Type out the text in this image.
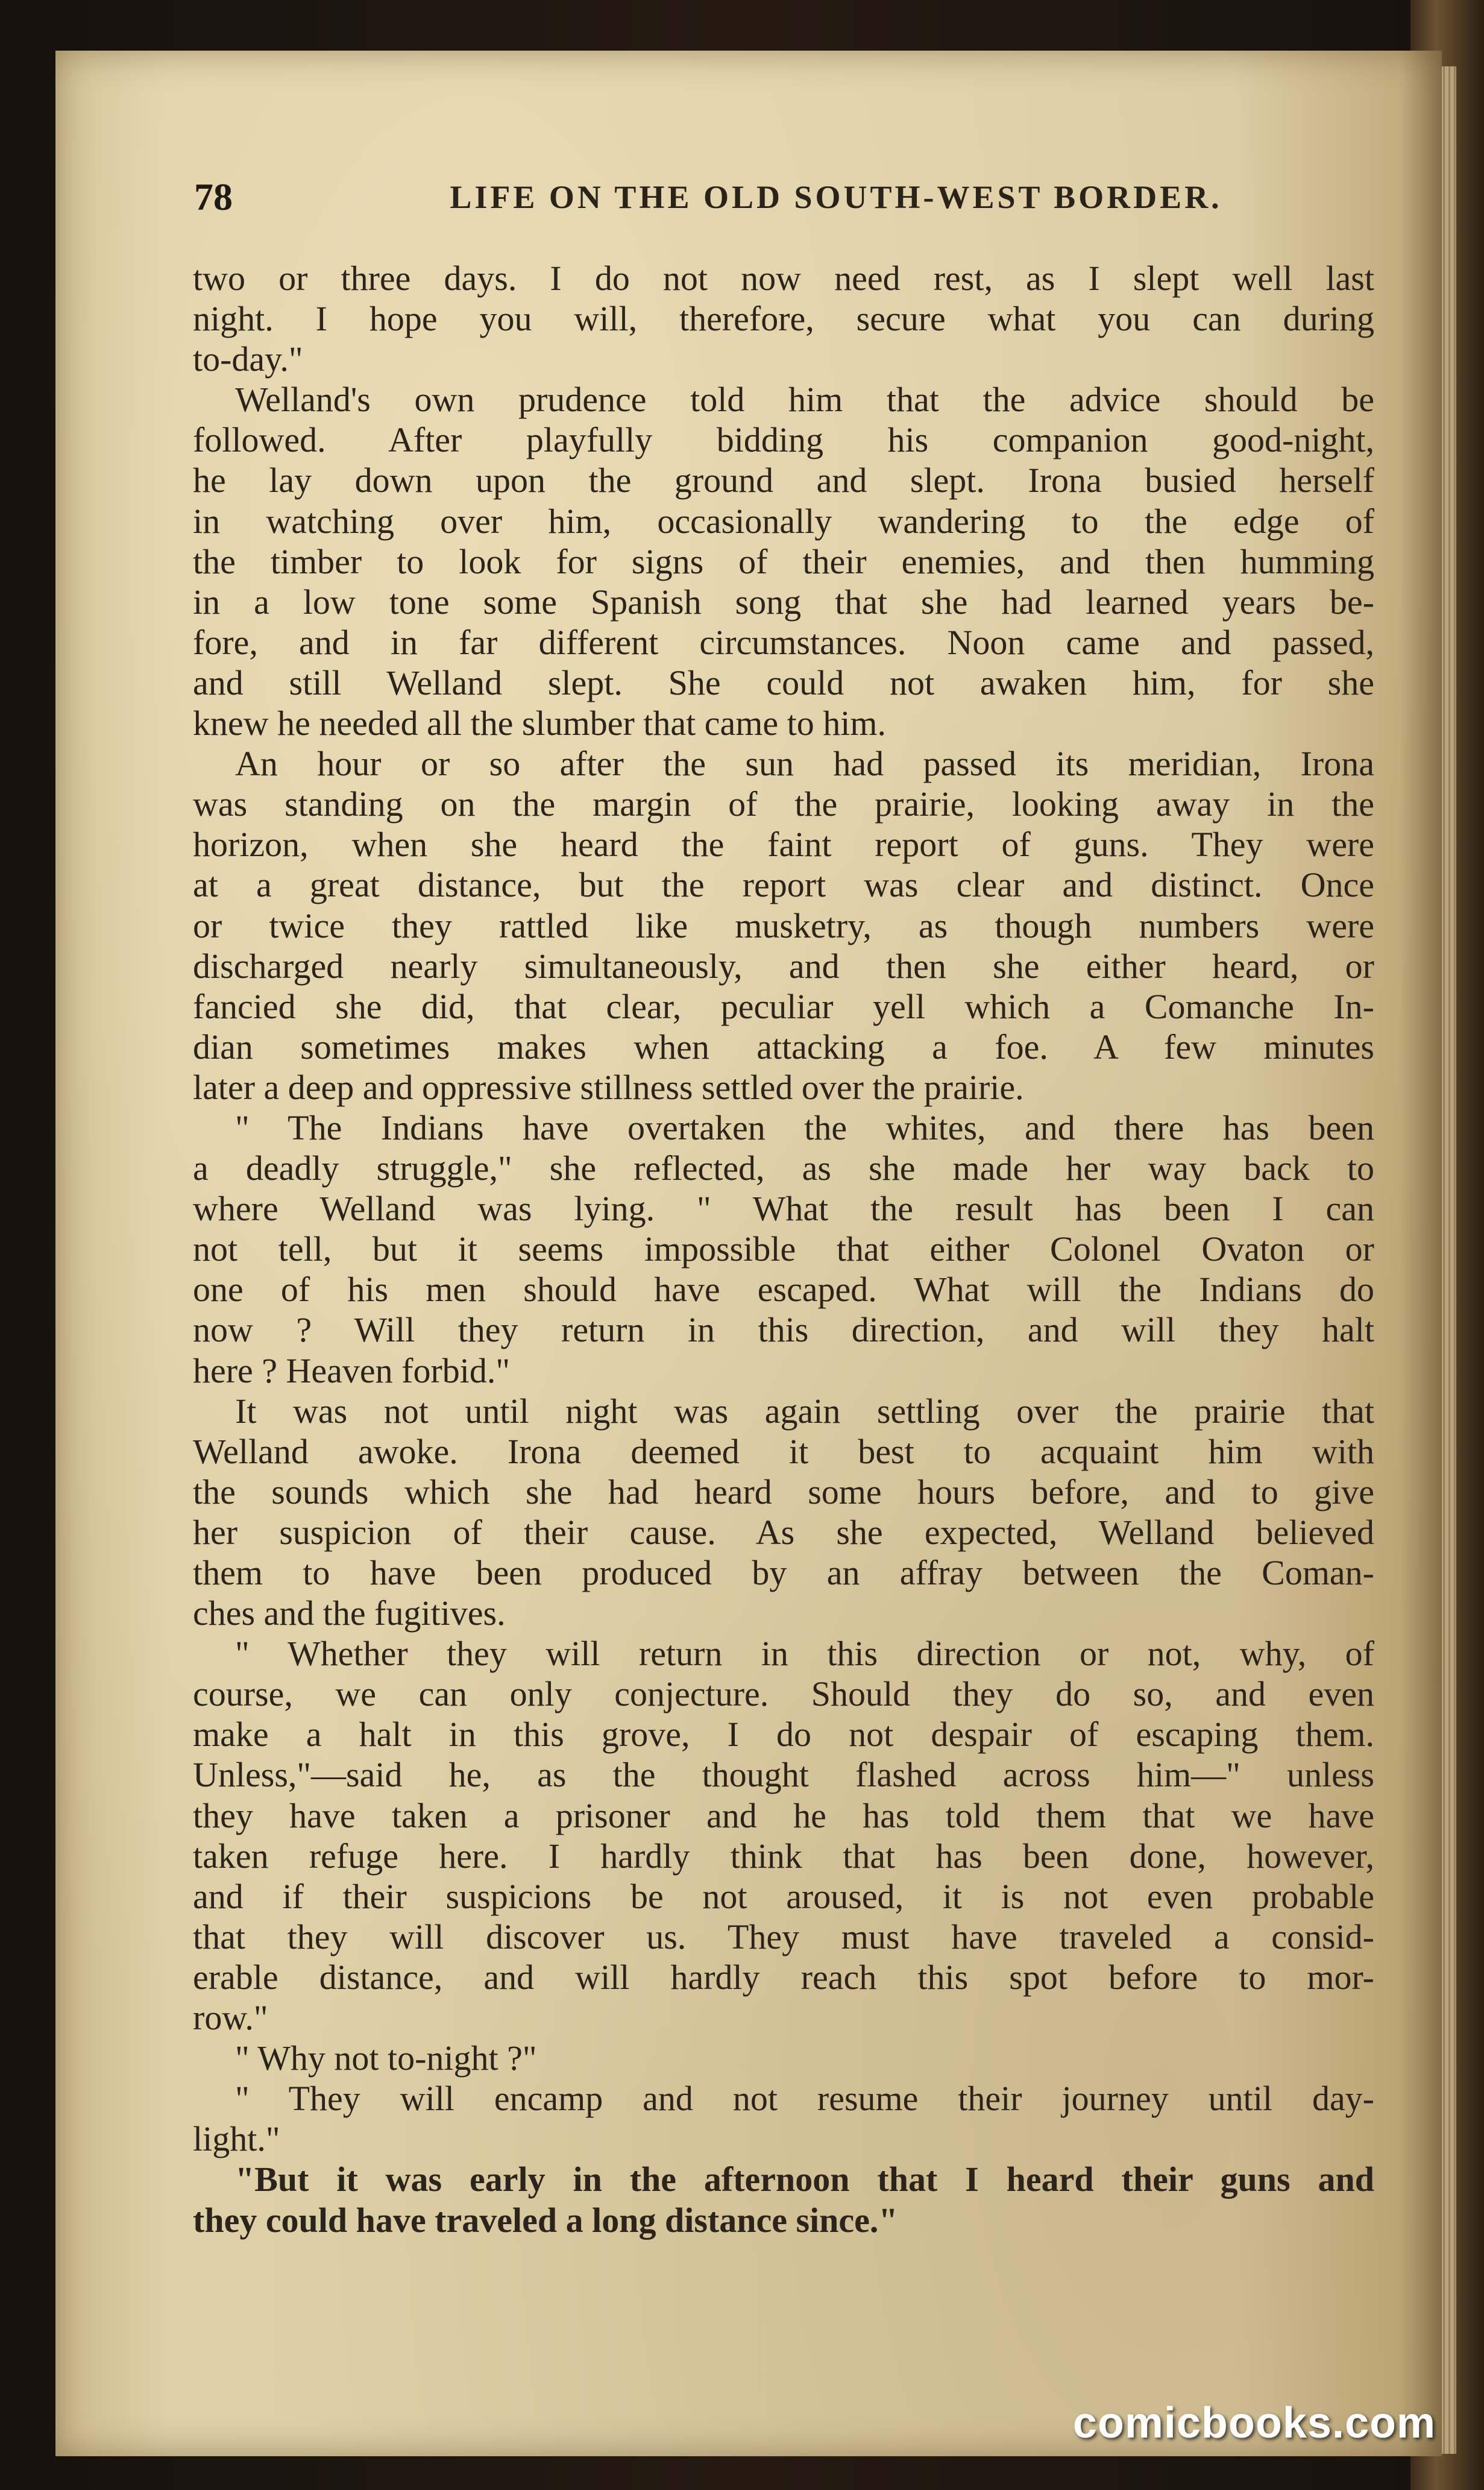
78	LIFE ON THE OLD SOUTH-WEST BORDER.
two or three days. I do not now need rest, as I slept well last
night. I hope you will, therefore, secure what you can during
to-day."
Welland's own prudence told him that the advice should be
followed. After playfully bidding his companion good-night,
he lay down upon the ground and slept. Irona busied herself
in watching over him, occasionally wandering to the edge of
the timber to look for signs of their enemies, and then humming
in a low tone some Spanish song that she had learned years be-
fore, and in far different circumstances. Noon came and passed,
and still Welland slept. She could not awaken him, for she
knew he needed all the slumber that came to him.
An hour or so after the sun had passed its meridian, Irona
was standing on the margin of the prairie, looking away in the
horizon, when she heard the faint report of guns. They were
at a great distance, but the report was clear and distinct. Once
or twice they rattled like musketry, as though numbers were
discharged nearly simultaneously, and then she either heard, or
fancied she did, that clear, peculiar yell which a Comanche In-
dian sometimes makes when attacking a foe. A few minutes
later a deep and oppressive stillness settled over the prairie.
" The Indians have overtaken the whites, and there has been
a deadly struggle," she reflected, as she made her way back to
where Welland was lying. " What the result has been I can
not tell, but it seems impossible that either Colonel Ovaton or
one of his men should have escaped. What will the Indians do
now ? Will they return in this direction, and will they halt
here ? Heaven forbid."
It was not until night was again settling over the prairie that
Welland awoke. Irona deemed it best to acquaint him with
the sounds which she had heard some hours before, and to give
her suspicion of their cause. As she expected, Welland believed
them to have been produced by an affray between the Coman-
ches and the fugitives.
" Whether they will return in this direction or not, why, of
course, we can only conjecture. Should they do so, and even
make a halt in this grove, I do not despair of escaping them.
Unless,"—said he, as the thought flashed across him—" unless
they have taken a prisoner and he has told them that we have
taken refuge here. I hardly think that has been done, however,
and if their suspicions be not aroused, it is not even probable
that they will discover us. They must have traveled a consid-
erable distance, and will hardly reach this spot before to mor-
row."
" Why not to-night ?"
" They will encamp and not resume their journey until day-
light."
"But it was early in the afternoon that I heard their guns and
they could have traveled a long distance since."
comicbooks.com
